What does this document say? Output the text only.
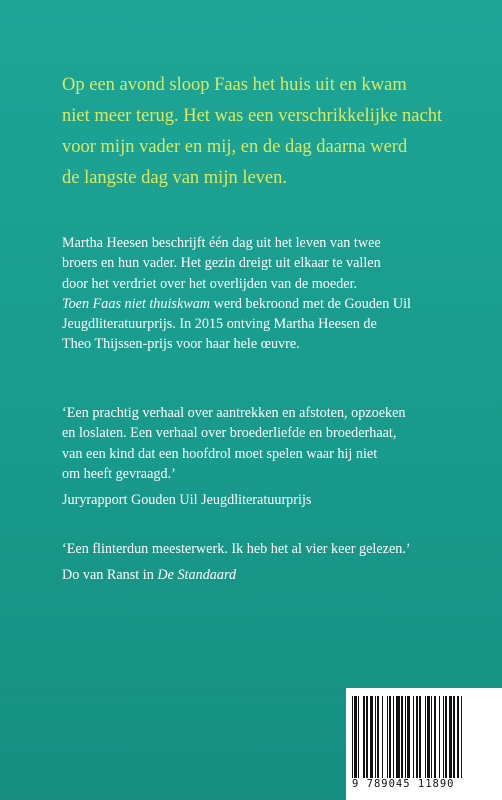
Op een avond sloop Faas het huis uit en kwam

niet meer terug. Het was een verschrikkelijke nacht

voor mijn vader en mij, en de dag daarna werd

de langste dag van mijn leven.

Martha Heesen beschrijft één dag uit het leven van twee

broers en hun vader. Het gezin dreigt uit elkaar te vallen

door het verdriet over het overlijden van de moeder.

Toen Faas niet thuiskwam werd bekroond met de Gouden Uil

Jeugdliteratuurprijs. In 2015 ontving Martha Heesen de

Theo Thijssen-prijs voor haar hele œuvre.

‘Een prachtig verhaal over aantrekken en afstoten, opzoeken

en loslaten. Een verhaal over broederliefde en broederhaat,

van een kind dat een hoofdrol moet spelen waar hij niet

om heeft gevraagd.’

Juryrapport Gouden Uil Jeugdliteratuurprijs

‘Een flinterdun meesterwerk. Ik heb het al vier keer gelezen.’

Do van Ranst in De Standaard

9 789045 11890
